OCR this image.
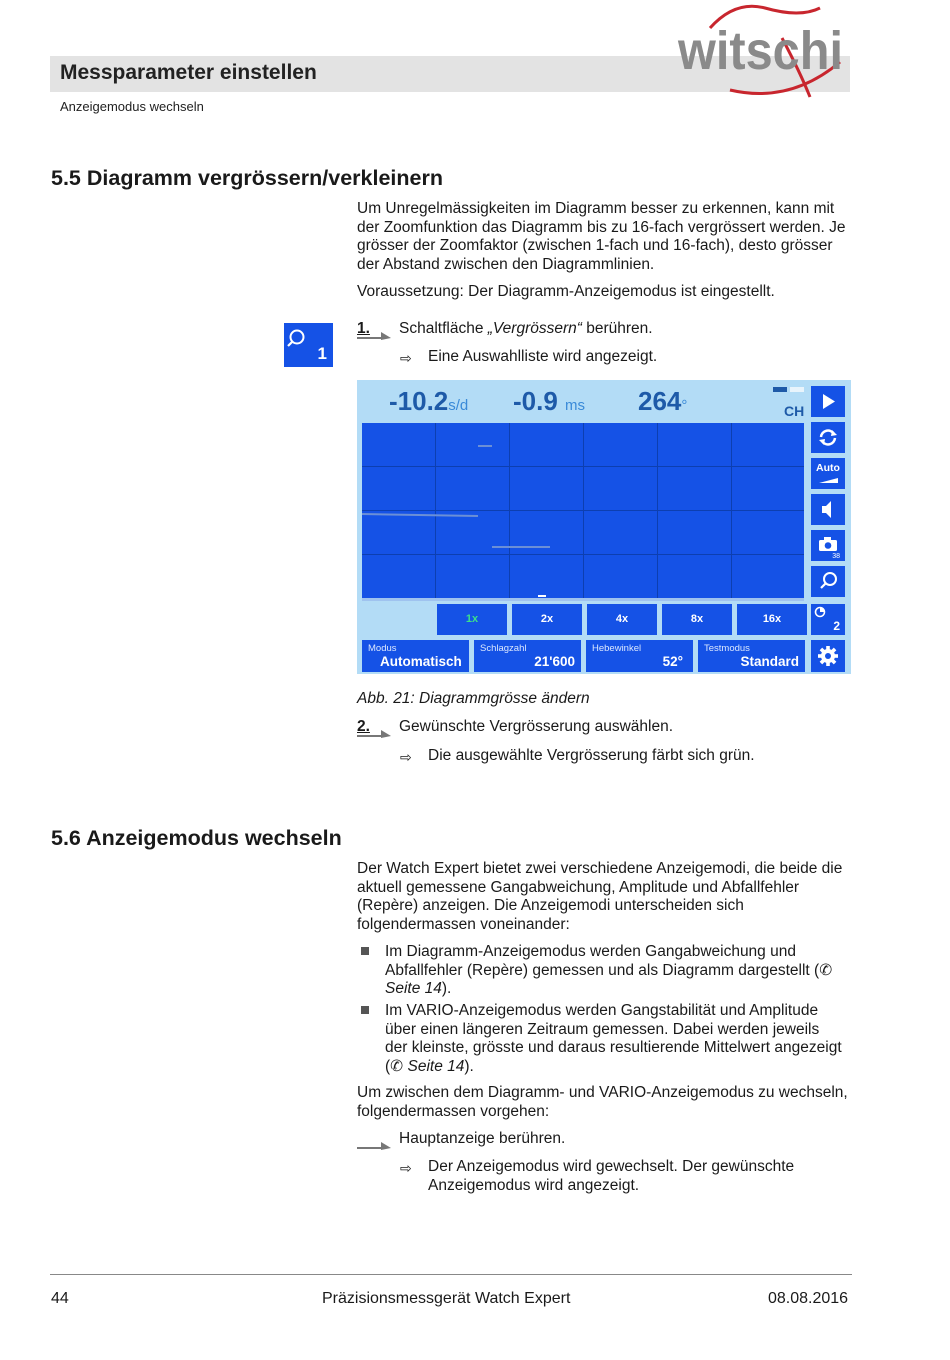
Messparameter einstellen
Anzeigemodus wechseln
witschi
5.5 Diagramm vergrössern/verkleinern

Um Unregelmässigkeiten im Diagramm besser zu erkennen, kann mit der Zoomfunktion das Diagramm bis zu 16-fach vergrössert werden. Je grösser der Zoomfaktor (zwischen 1-fach und 16-fach), desto grösser der Abstand zwischen den Diagrammlinien.

Voraussetzung: Der Diagramm-Anzeigemodus ist eingestellt.

1
1. Schaltfläche „Vergrössern“ berühren.
⇨ Eine Auswahlliste wird angezeigt.
-10.2s/d -0.9 ms 264°	CH
1x	2x	4x	8x	16x
Auto
38
2
Modus
Automatisch
Schlagzahl
21'600
Hebewinkel
52°
Testmodus
Standard
Abb. 21: Diagrammgrösse ändern
2. Gewünschte Vergrösserung auswählen.
⇨ Die ausgewählte Vergrösserung färbt sich grün.
5.6 Anzeigemodus wechseln

Der Watch Expert bietet zwei verschiedene Anzeigemodi, die beide die aktuell gemessene Gangabweichung, Amplitude und Abfallfehler (Repère) anzeigen. Die Anzeigemodi unterscheiden sich folgendermassen voneinander:

Im Diagramm-Anzeigemodus werden Gangabweichung und Abfallfehler (Repère) gemessen und als Diagramm dargestellt (✆ Seite 14).
Im VARIO-Anzeigemodus werden Gangstabilität und Amplitude über einen längeren Zeitraum gemessen. Dabei werden jeweils der kleinste, grösste und daraus resultierende Mittelwert angezeigt (✆ Seite 14).

Um zwischen dem Diagramm- und VARIO-Anzeigemodus zu wechseln, folgendermassen vorgehen:

Hauptanzeige berühren.
⇨ Der Anzeigemodus wird gewechselt. Der gewünschte Anzeigemodus wird angezeigt.
44	Präzisionsmessgerät Watch Expert	08.08.2016
